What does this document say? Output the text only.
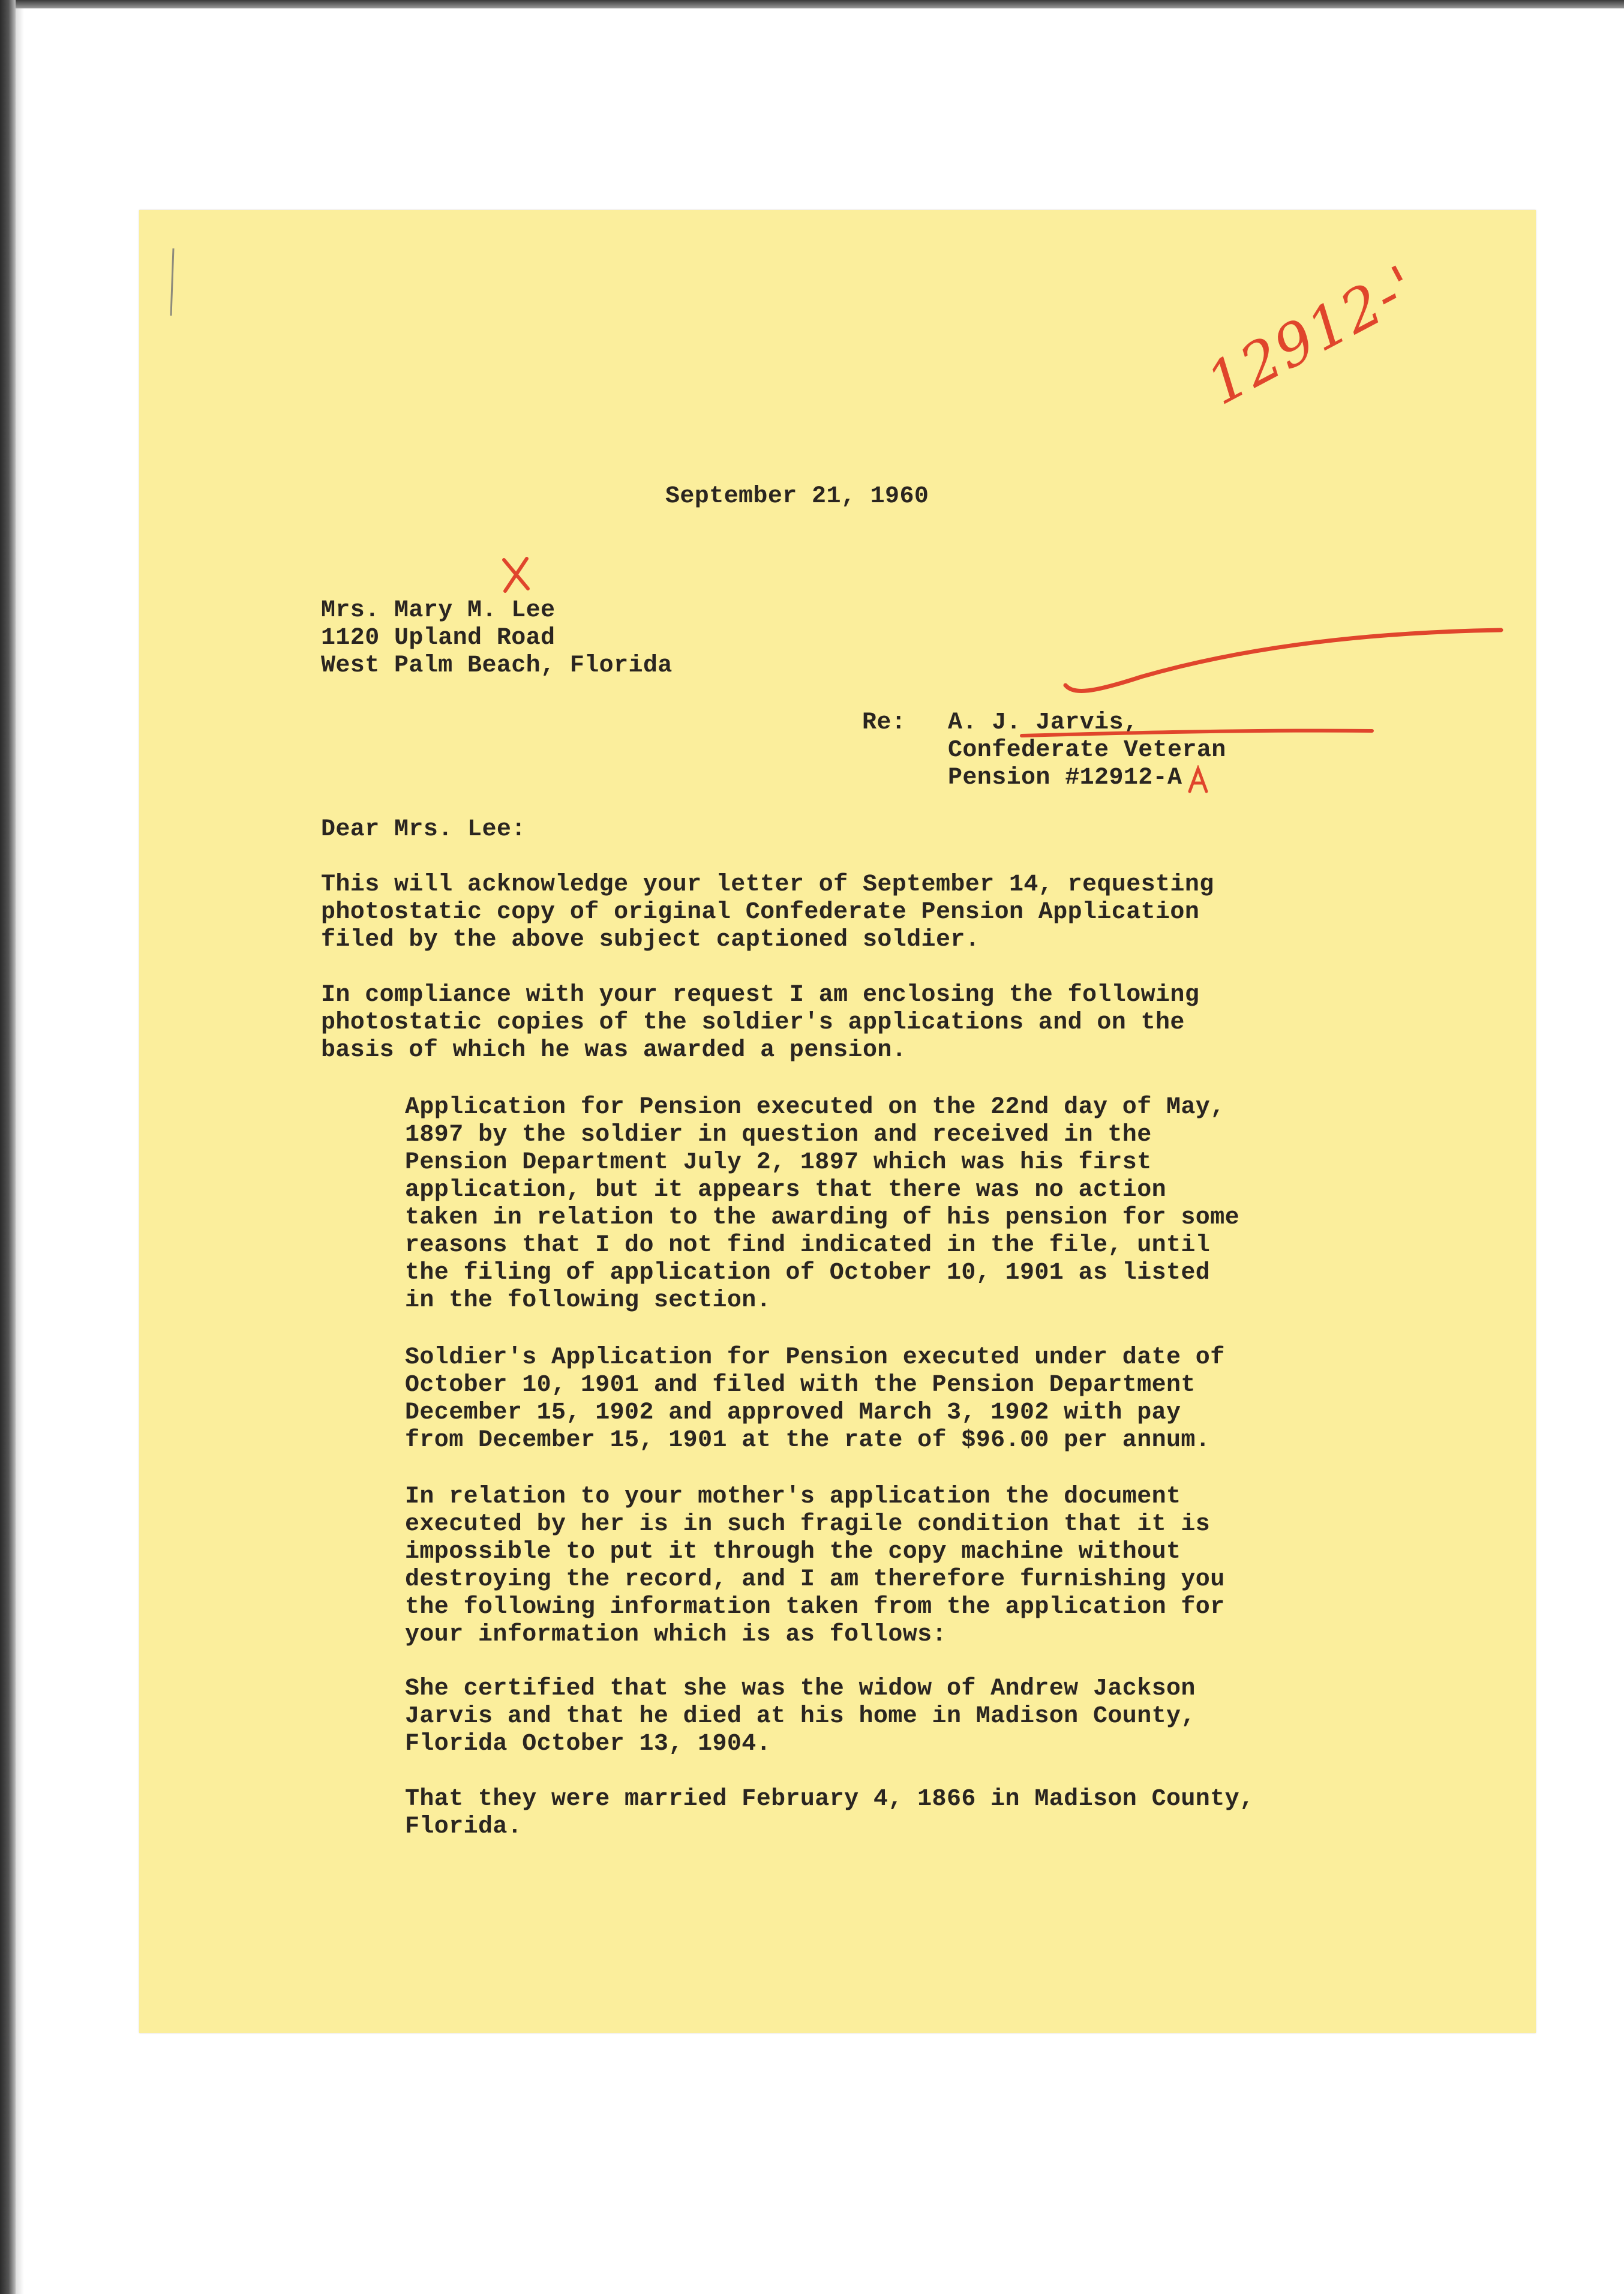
September 21, 1960
Mrs. Mary M. Lee
1120 Upland Road
West Palm Beach, Florida
Re: A. J. Jarvis,
Confederate Veteran
Pension #12912-A
Dear Mrs. Lee:
This will acknowledge your letter of September 14, requesting
photostatic copy of original Confederate Pension Application
filed by the above subject captioned soldier.
In compliance with your request I am enclosing the following
photostatic copies of the soldier's applications and on the
basis of which he was awarded a pension.
Application for Pension executed on the 22nd day of May,
1897 by the soldier in question and received in the
Pension Department July 2, 1897 which was his first
application, but it appears that there was no action
taken in relation to the awarding of his pension for some
reasons that I do not find indicated in the file, until
the filing of application of October 10, 1901 as listed
in the following section.
Soldier's Application for Pension executed under date of
October 10, 1901 and filed with the Pension Department
December 15, 1902 and approved March 3, 1902 with pay
from December 15, 1901 at the rate of $96.00 per annum.
In relation to your mother's application the document
executed by her is in such fragile condition that it is
impossible to put it through the copy machine without
destroying the record, and I am therefore furnishing you
the following information taken from the application for
your information which is as follows:
She certified that she was the widow of Andrew Jackson
Jarvis and that he died at his home in Madison County,
Florida October 13, 1904.
That they were married February 4, 1866 in Madison County,
Florida.
12912-'
